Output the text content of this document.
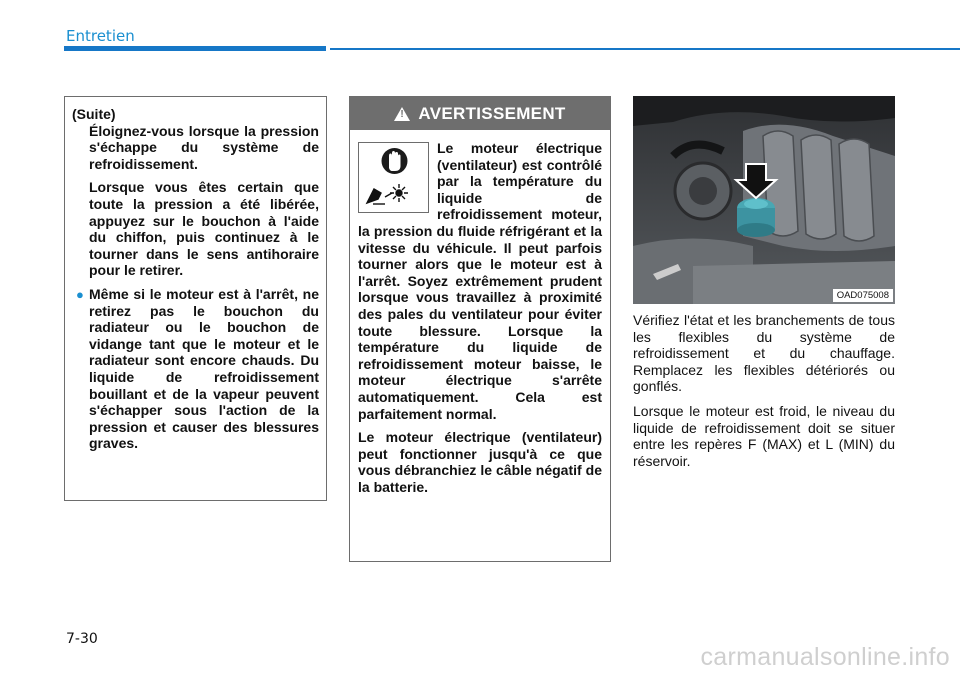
Entretien

(Suite)

Éloignez-vous lorsque la pression s'échappe du système de refroidissement.

Lorsque vous êtes certain que toute la pression a été libérée, appuyez sur le bouchon à l'aide du chiffon, puis continuez à le tourner dans le sens antihoraire pour le retirer.

● Même si le moteur est à l'arrêt, ne retirez pas le bouchon du radiateur ou le bouchon de vidange tant que le moteur et le radiateur sont encore chauds. Du liquide de refroidissement bouillant et de la vapeur peuvent s'échapper sous l'action de la pression et causer des blessures graves.

! AVERTISSEMENT

Le moteur électrique (ventilateur) est contrôlé par la température du liquide de refroidissement moteur, la pression du fluide réfrigérant et la vitesse du véhicule. Il peut parfois tourner alors que le moteur est à l'arrêt. Soyez extrêmement prudent lorsque vous travaillez à proximité des pales du ventilateur pour éviter toute blessure. Lorsque la température du liquide de refroidissement moteur baisse, le moteur électrique s'arrête automatiquement. Cela est parfaitement normal.

Le moteur électrique (ventilateur) peut fonctionner jusqu'à ce que vous débranchiez le câble négatif de la batterie.

OAD075008

Vérifiez l'état et les branchements de tous les flexibles du système de refroidissement et du chauffage. Remplacez les flexibles détériorés ou gonflés.

Lorsque le moteur est froid, le niveau du liquide de refroidissement doit se situer entre les repères F (MAX) et L (MIN) du réservoir.

7-30
carmanualsonline.info
